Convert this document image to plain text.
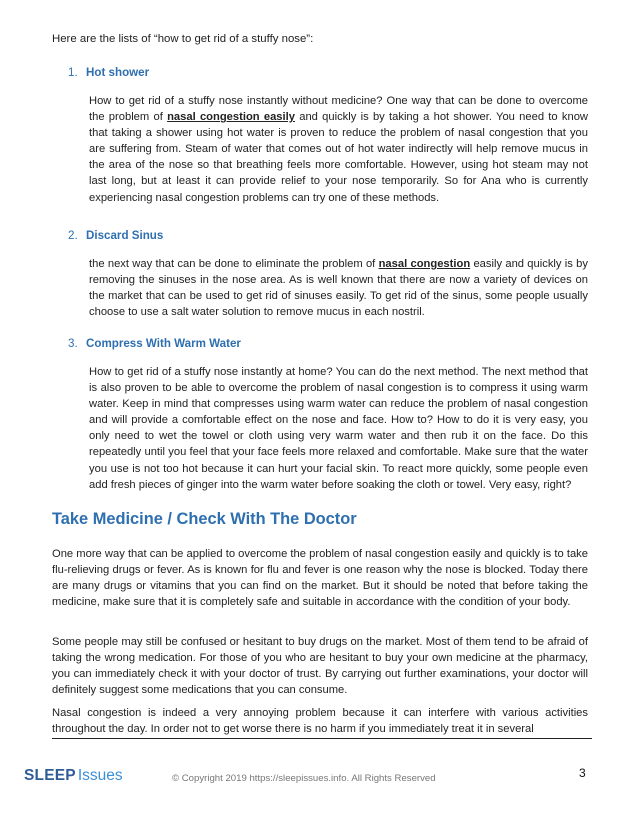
Here are the lists of “how to get rid of a stuffy nose”:
1. Hot shower
How to get rid of a stuffy nose instantly without medicine? One way that can be done to overcome the problem of nasal congestion easily and quickly is by taking a hot shower. You need to know that taking a shower using hot water is proven to reduce the problem of nasal congestion that you are suffering from. Steam of water that comes out of hot water indirectly will help remove mucus in the area of the nose so that breathing feels more comfortable. However, using hot steam may not last long, but at least it can provide relief to your nose temporarily. So for Ana who is currently experiencing nasal congestion problems can try one of these methods.
2. Discard Sinus
the next way that can be done to eliminate the problem of nasal congestion easily and quickly is by removing the sinuses in the nose area. As is well known that there are now a variety of devices on the market that can be used to get rid of sinuses easily. To get rid of the sinus, some people usually choose to use a salt water solution to remove mucus in each nostril.
3. Compress With Warm Water
How to get rid of a stuffy nose instantly at home? You can do the next method. The next method that is also proven to be able to overcome the problem of nasal congestion is to compress it using warm water. Keep in mind that compresses using warm water can reduce the problem of nasal congestion and will provide a comfortable effect on the nose and face. How to? How to do it is very easy, you only need to wet the towel or cloth using very warm water and then rub it on the face. Do this repeatedly until you feel that your face feels more relaxed and comfortable. Make sure that the water you use is not too hot because it can hurt your facial skin. To react more quickly, some people even add fresh pieces of ginger into the warm water before soaking the cloth or towel. Very easy, right?
Take Medicine / Check With The Doctor
One more way that can be applied to overcome the problem of nasal congestion easily and quickly is to take flu-relieving drugs or fever. As is known for flu and fever is one reason why the nose is blocked. Today there are many drugs or vitamins that you can find on the market. But it should be noted that before taking the medicine, make sure that it is completely safe and suitable in accordance with the condition of your body.
Some people may still be confused or hesitant to buy drugs on the market. Most of them tend to be afraid of taking the wrong medication. For those of you who are hesitant to buy your own medicine at the pharmacy, you can immediately check it with your doctor of trust. By carrying out further examinations, your doctor will definitely suggest some medications that you can consume.
Nasal congestion is indeed a very annoying problem because it can interfere with various activities throughout the day. In order not to get worse there is no harm if you immediately treat it in several
3
SLEEP Issues	© Copyright 2019 https://sleepissues.info. All Rights Reserved
